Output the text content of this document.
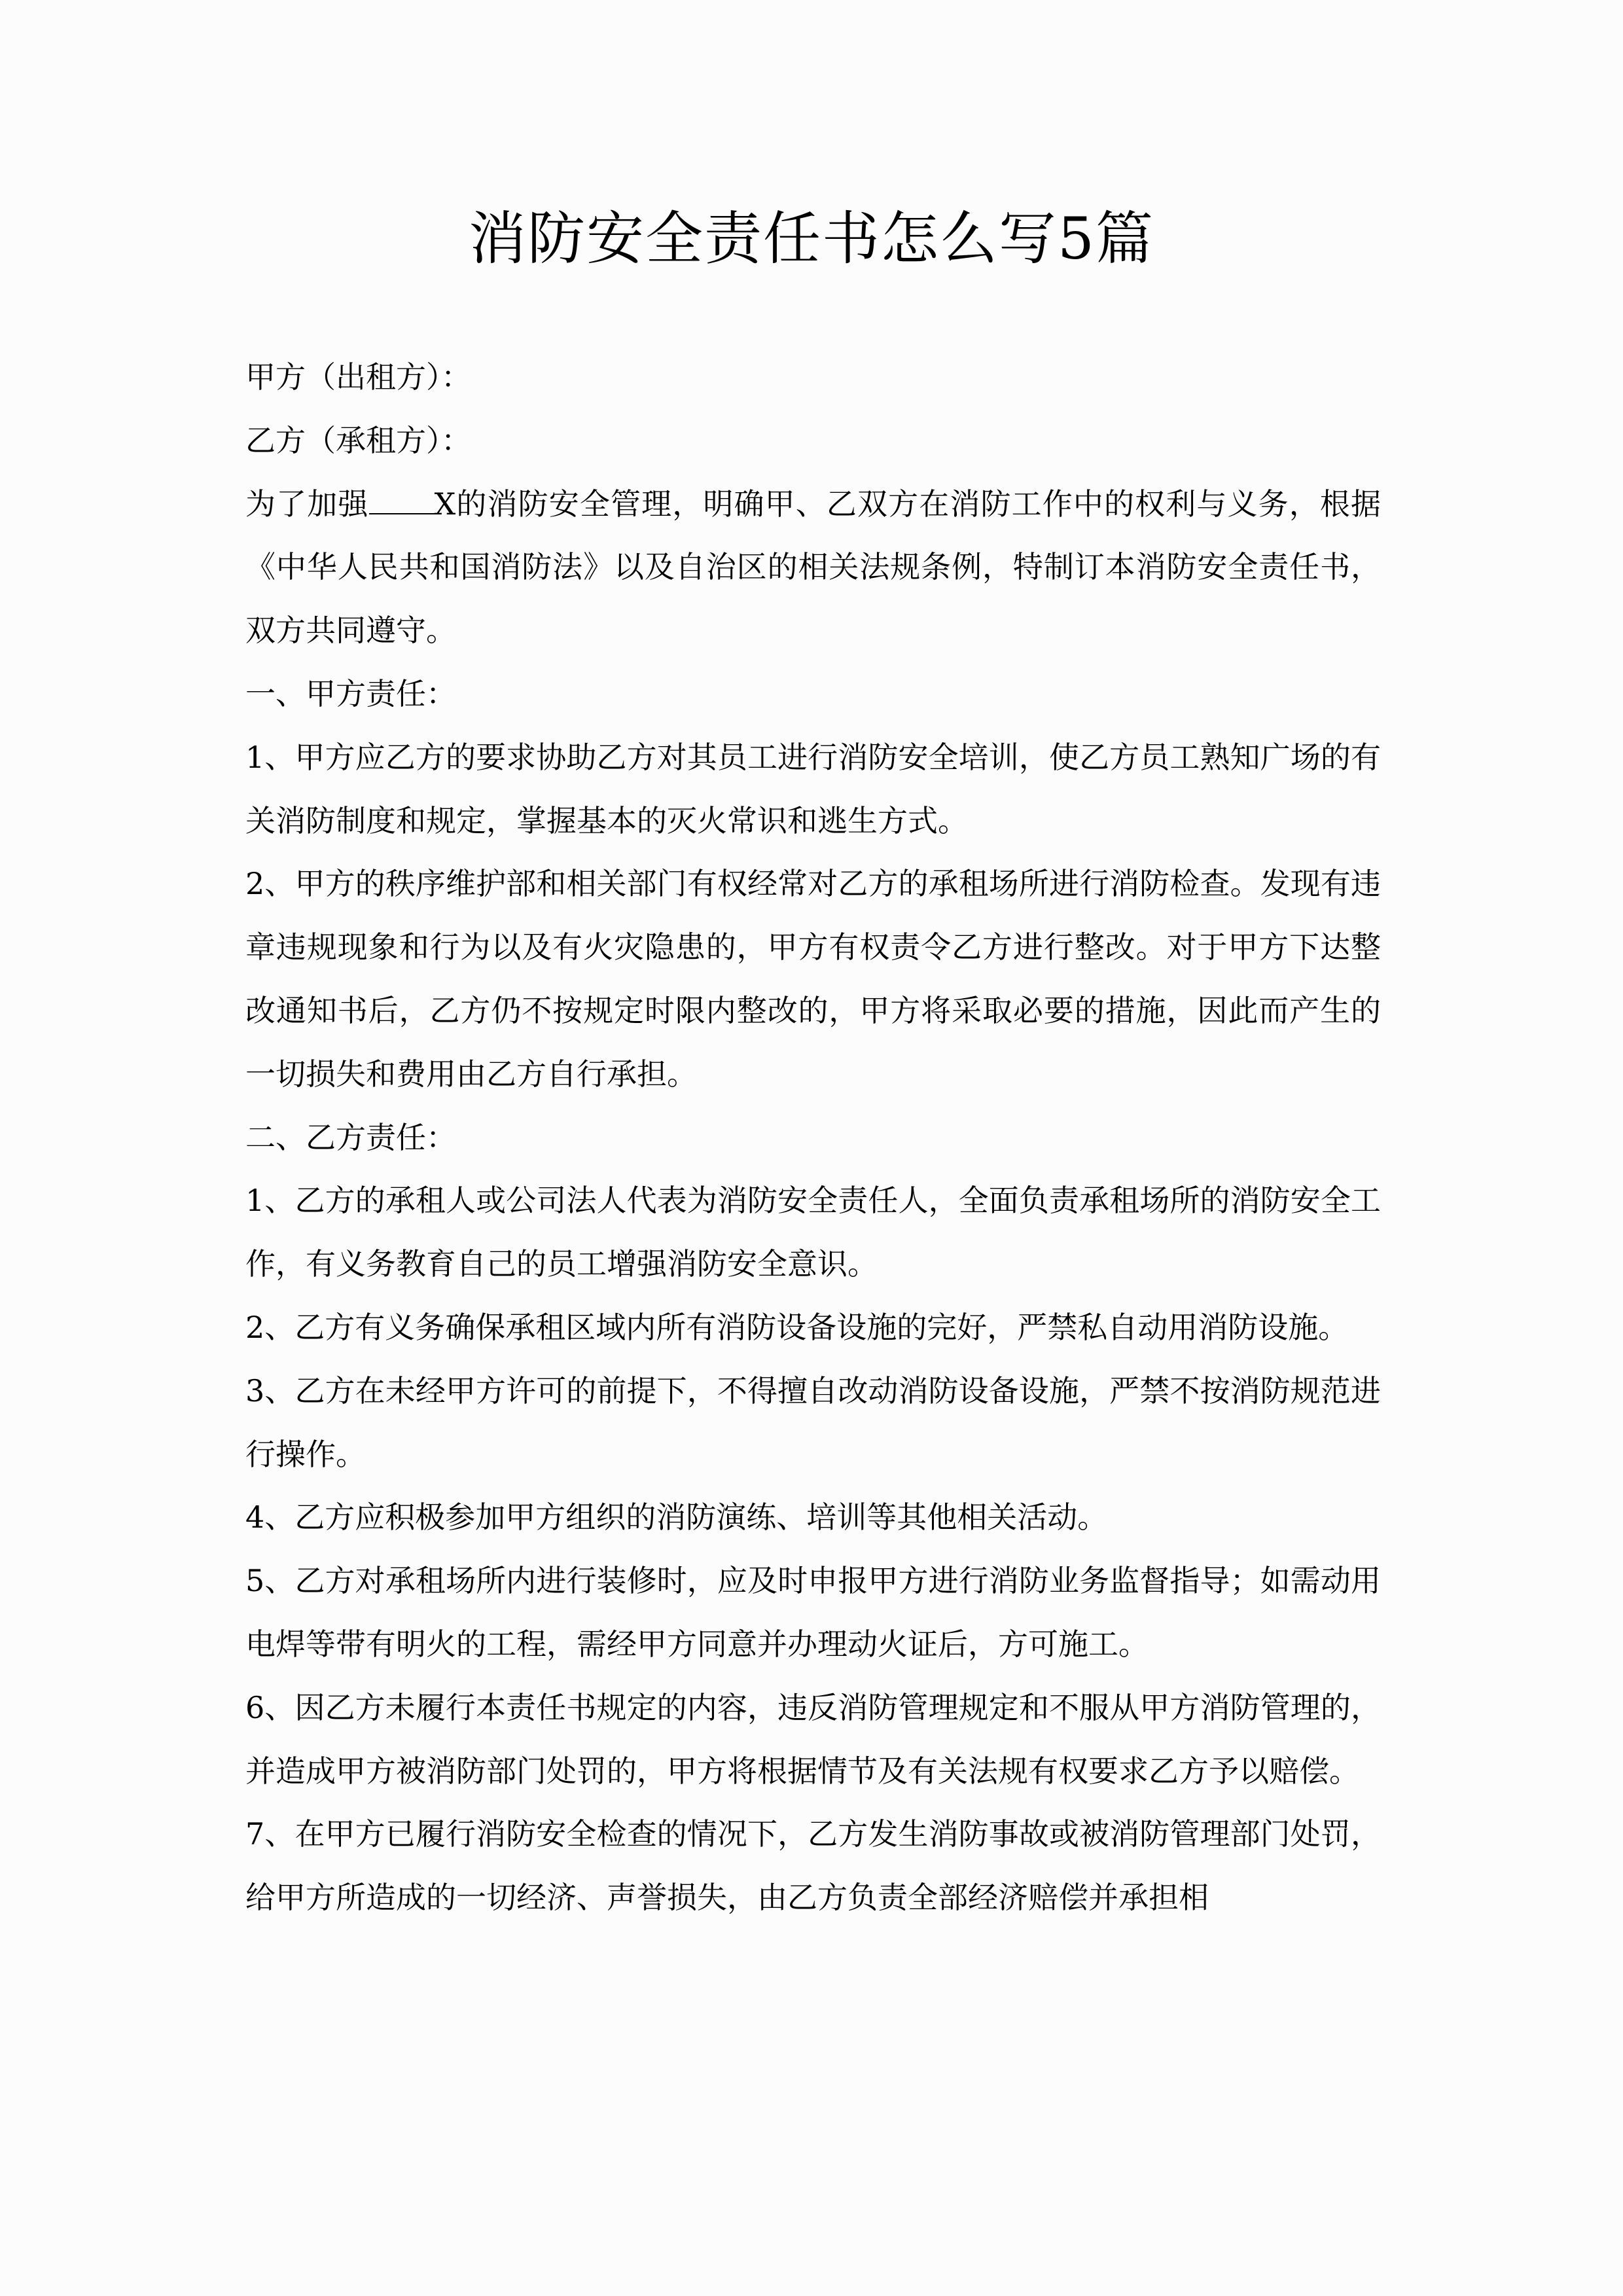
消防安全责任书怎么写5篇

甲方（出租方）：

乙方（承租方）：

为了加强 X的消防安全管理，明确甲、乙双方在消防工作中的权利与义务，根据《中华人民共和国消防法》以及自治区的相关法规条例，特制订本消防安全责任书，双方共同遵守。

一、甲方责任：

1、甲方应乙方的要求协助乙方对其员工进行消防安全培训，使乙方员工熟知广场的有关消防制度和规定，掌握基本的灭火常识和逃生方式。

2、甲方的秩序维护部和相关部门有权经常对乙方的承租场所进行消防检查。发现有违章违规现象和行为以及有火灾隐患的，甲方有权责令乙方进行整改。对于甲方下达整改通知书后，乙方仍不按规定时限内整改的，甲方将采取必要的措施，因此而产生的一切损失和费用由乙方自行承担。

二、乙方责任：

1、乙方的承租人或公司法人代表为消防安全责任人，全面负责承租场所的消防安全工作，有义务教育自己的员工增强消防安全意识。

2、乙方有义务确保承租区域内所有消防设备设施的完好，严禁私自动用消防设施。

3、乙方在未经甲方许可的前提下，不得擅自改动消防设备设施，严禁不按消防规范进行操作。

4、乙方应积极参加甲方组织的消防演练、培训等其他相关活动。

5、乙方对承租场所内进行装修时，应及时申报甲方进行消防业务监督指导；如需动用电焊等带有明火的工程，需经甲方同意并办理动火证后，方可施工。

6、因乙方未履行本责任书规定的内容，违反消防管理规定和不服从甲方消防管理的，并造成甲方被消防部门处罚的，甲方将根据情节及有关法规有权要求乙方予以赔偿。

7、在甲方已履行消防安全检查的情况下，乙方发生消防事故或被消防管理部门处罚，给甲方所造成的一切经济、声誉损失，由乙方负责全部经济赔偿并承担相
